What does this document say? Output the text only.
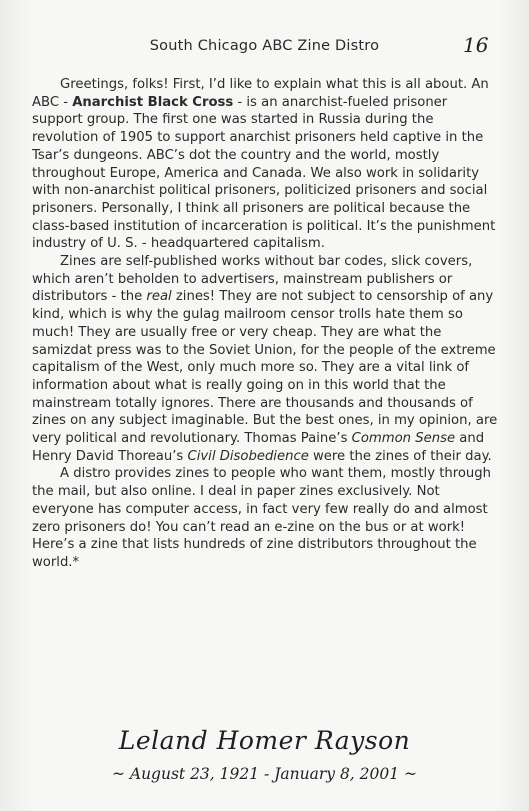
South Chicago ABC Zine Distro	16

Greetings, folks! First, I’d like to explain what this is all about. An ABC - Anarchist Black Cross - is an anarchist-fueled prisoner support group. The first one was started in Russia during the revolution of 1905 to support anarchist prisoners held captive in the Tsar’s dungeons. ABC’s dot the country and the world, mostly throughout Europe, America and Canada. We also work in solidarity with non-anarchist political prisoners, politicized prisoners and social prisoners. Personally, I think all prisoners are political because the class-based institution of incarceration is political. It’s the punishment industry of U. S. - headquartered capitalism.

Zines are self-published works without bar codes, slick covers, which aren’t beholden to advertisers, mainstream publishers or distributors - the real zines! They are not subject to censorship of any kind, which is why the gulag mailroom censor trolls hate them so much! They are usually free or very cheap. They are what the samizdat press was to the Soviet Union, for the people of the extreme capitalism of the West, only much more so. They are a vital link of information about what is really going on in this world that the mainstream totally ignores. There are thousands and thousands of zines on any subject imaginable. But the best ones, in my opinion, are very political and revolutionary. Thomas Paine’s Common Sense and Henry David Thoreau’s Civil Disobedience were the zines of their day.

A distro provides zines to people who want them, mostly through the mail, but also online. I deal in paper zines exclusively. Not everyone has computer access, in fact very few really do and almost zero prisoners do! You can’t read an e-zine on the bus or at work! Here’s a zine that lists hundreds of zine distributors throughout the world.*

Leland Homer Rayson
~ August 23, 1921 - January 8, 2001 ~
